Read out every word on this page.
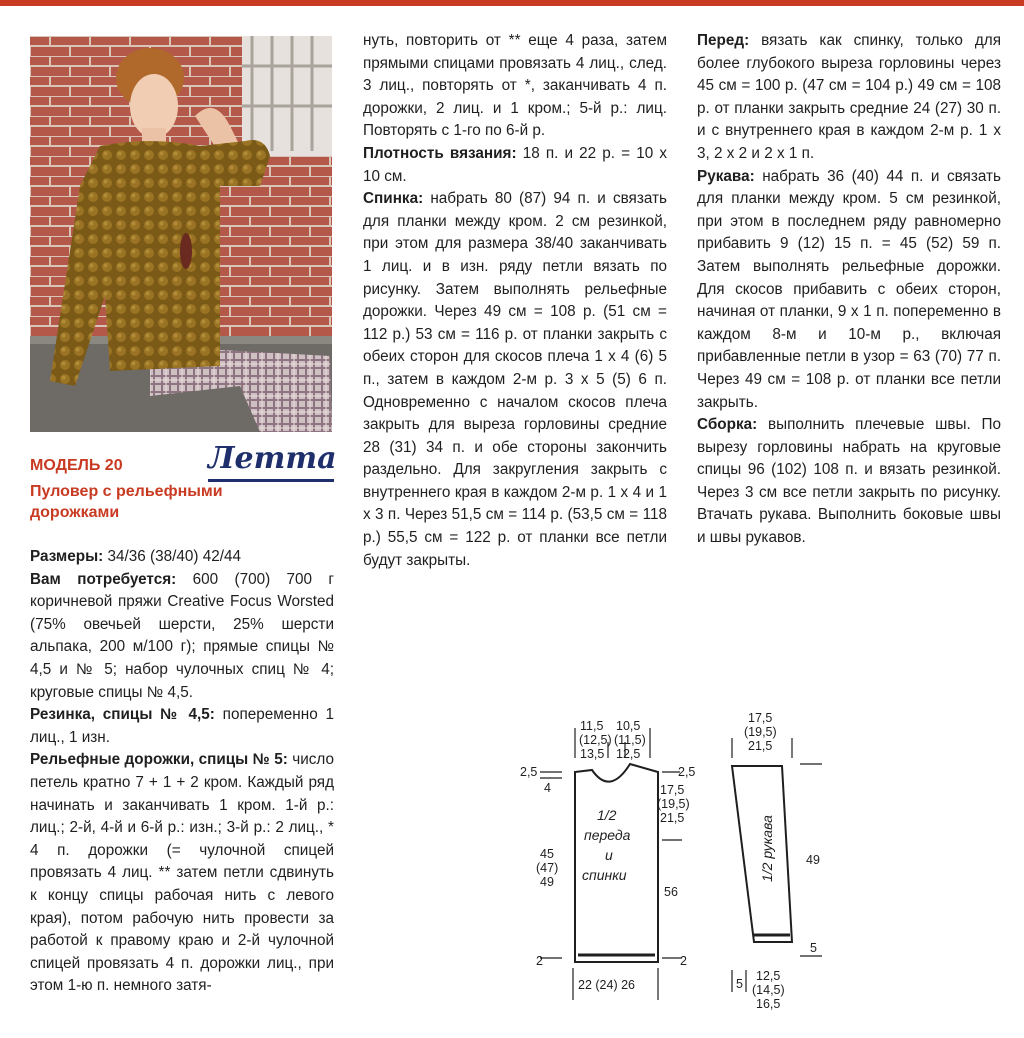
МОДЕЛЬ 20
Пуловер с рельефными дорожками
Летта

Размеры: 34/36 (38/40) 42/44

Вам потребуется: 600 (700) 700 г коричневой пряжи Creative Focus Worsted (75% овечьей шерсти, 25% шерсти альпака, 200 м/100 г); прямые спицы № 4,5 и № 5; набор чулочных спиц № 4; круговые спицы № 4,5.

Резинка, спицы № 4,5: попеременно 1 лиц., 1 изн.

Рельефные дорожки, спицы № 5: число петель кратно 7 + 1 + 2 кром. Каждый ряд начинать и заканчивать 1 кром. 1-й р.: лиц.; 2-й, 4-й и 6-й р.: изн.; 3-й р.: 2 лиц., * 4 п. дорожки (= чулочной спицей провязать 4 лиц. ** затем петли сдвинуть к концу спицы рабочая нить с левого края), потом рабочую нить провести за работой к правому краю и 2-й чулочной спицей провязать 4 п. дорожки лиц., при этом 1-ю п. немного затя-

нуть, повторить от ** еще 4 раза, затем прямыми спицами провязать 4 лиц., след. 3 лиц., повторять от *, заканчивать 4 п. дорожки, 2 лиц. и 1 кром.; 5-й р.: лиц. Повторять с 1-го по 6-й р.

Плотность вязания: 18 п. и 22 р. = 10 х 10 см.

Спинка: набрать 80 (87) 94 п. и связать для планки между кром. 2 см резинкой, при этом для размера 38/40 заканчивать 1 лиц. и в изн. ряду петли вязать по рисунку. Затем выполнять рельефные дорожки. Через 49 см = 108 р. (51 см = 112 р.) 53 см = 116 р. от планки закрыть с обеих сторон для скосов плеча 1 х 4 (6) 5 п., затем в каждом 2-м р. 3 х 5 (5) 6 п. Одновременно с началом скосов плеча закрыть для выреза горловины средние 28 (31) 34 п. и обе стороны закончить раздельно. Для закругления закрыть с внутреннего края в каждом 2-м р. 1 х 4 и 1 х 3 п. Через 51,5 см = 114 р. (53,5 см = 118 р.) 55,5 см = 122 р. от планки все петли будут закрыты.

Перед: вязать как спинку, только для более глубокого выреза горловины через 45 см = 100 р. (47 см = 104 р.) 49 см = 108 р. от планки закрыть средние 24 (27) 30 п. и с внутреннего края в каждом 2-м р. 1 х 3, 2 х 2 и 2 х 1 п.

Рукава: набрать 36 (40) 44 п. и связать для планки между кром. 5 см резинкой, при этом в последнем ряду равномерно прибавить 9 (12) 15 п. = 45 (52) 59 п. Затем выполнять рельефные дорожки. Для скосов прибавить с обеих сторон, начиная от планки, 9 х 1 п. попеременно в каждом 8-м и 10-м р., включая прибавленные петли в узор = 63 (70) 77 п. Через 49 см = 108 р. от планки все петли закрыть.

Сборка: выполнить плечевые швы. По вырезу горловины набрать на круговые спицы 96 (102) 108 п. и вязать резинкой. Через 3 см все петли закрыть по рисунку. Втачать рукава. Выполнить боковые швы и швы рукавов.

11,5
(12,5)
13,5
10,5
(11,5)
12,5
2,5
4
2,5
17,5
(19,5)
21,5
45
(47)
49
56
1/2
переда
и
спинки
2	2
22 (24) 26
17,5
(19,5)
21,5
1/2 рукава 49
5
5
12,5
(14,5)
16,5
